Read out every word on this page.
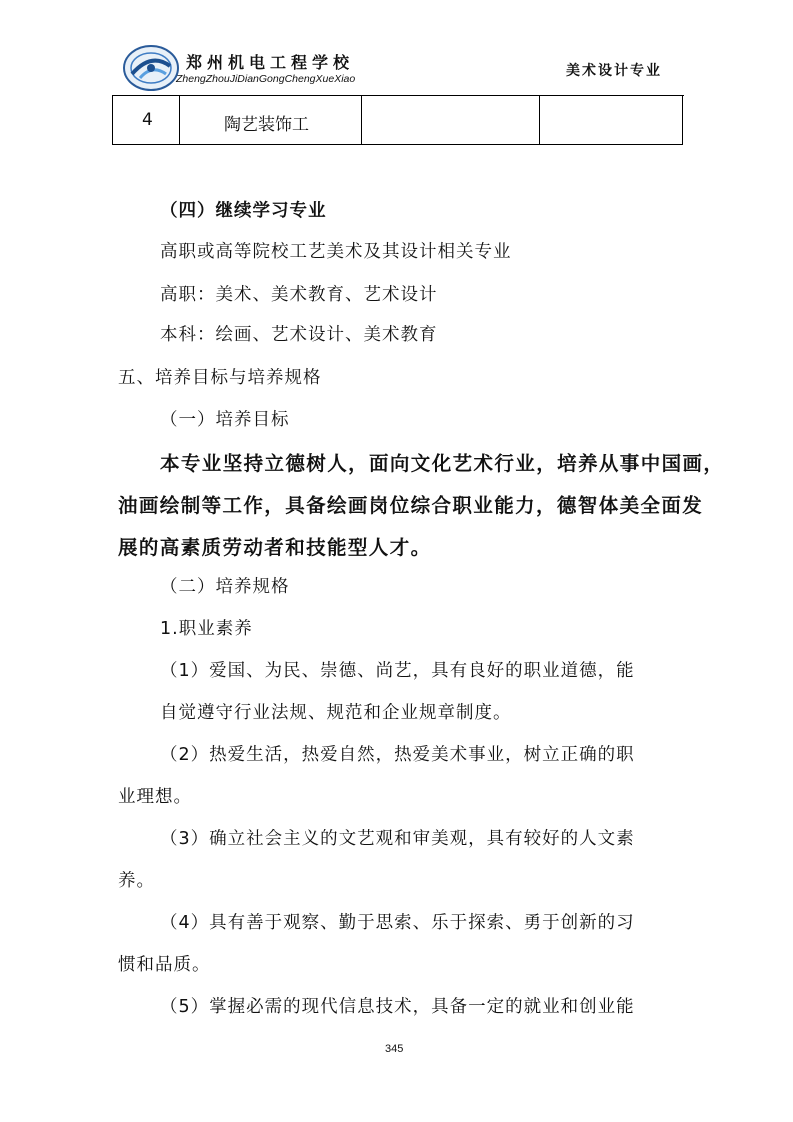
郑州机电工程学校
ZhengZhouJiDianGongChengXueXiao	美术设计专业
4	陶艺装饰工
（四）继续学习专业
高职或高等院校工艺美术及其设计相关专业
高职：美术、美术教育、艺术设计
本科：绘画、艺术设计、美术教育
五、培养目标与培养规格
（一）培养目标
本专业坚持立德树人，面向文化艺术行业，培养从事中国画，
油画绘制等工作，具备绘画岗位综合职业能力，德智体美全面发
展的高素质劳动者和技能型人才。
（二）培养规格
1.职业素养
（1）爱国、为民、崇德、尚艺，具有良好的职业道德，能
自觉遵守行业法规、规范和企业规章制度。
（2）热爱生活，热爱自然，热爱美术事业，树立正确的职
业理想。
（3）确立社会主义的文艺观和审美观，具有较好的人文素
养。
（4）具有善于观察、勤于思索、乐于探索、勇于创新的习
惯和品质。
（5）掌握必需的现代信息技术，具备一定的就业和创业能
345
